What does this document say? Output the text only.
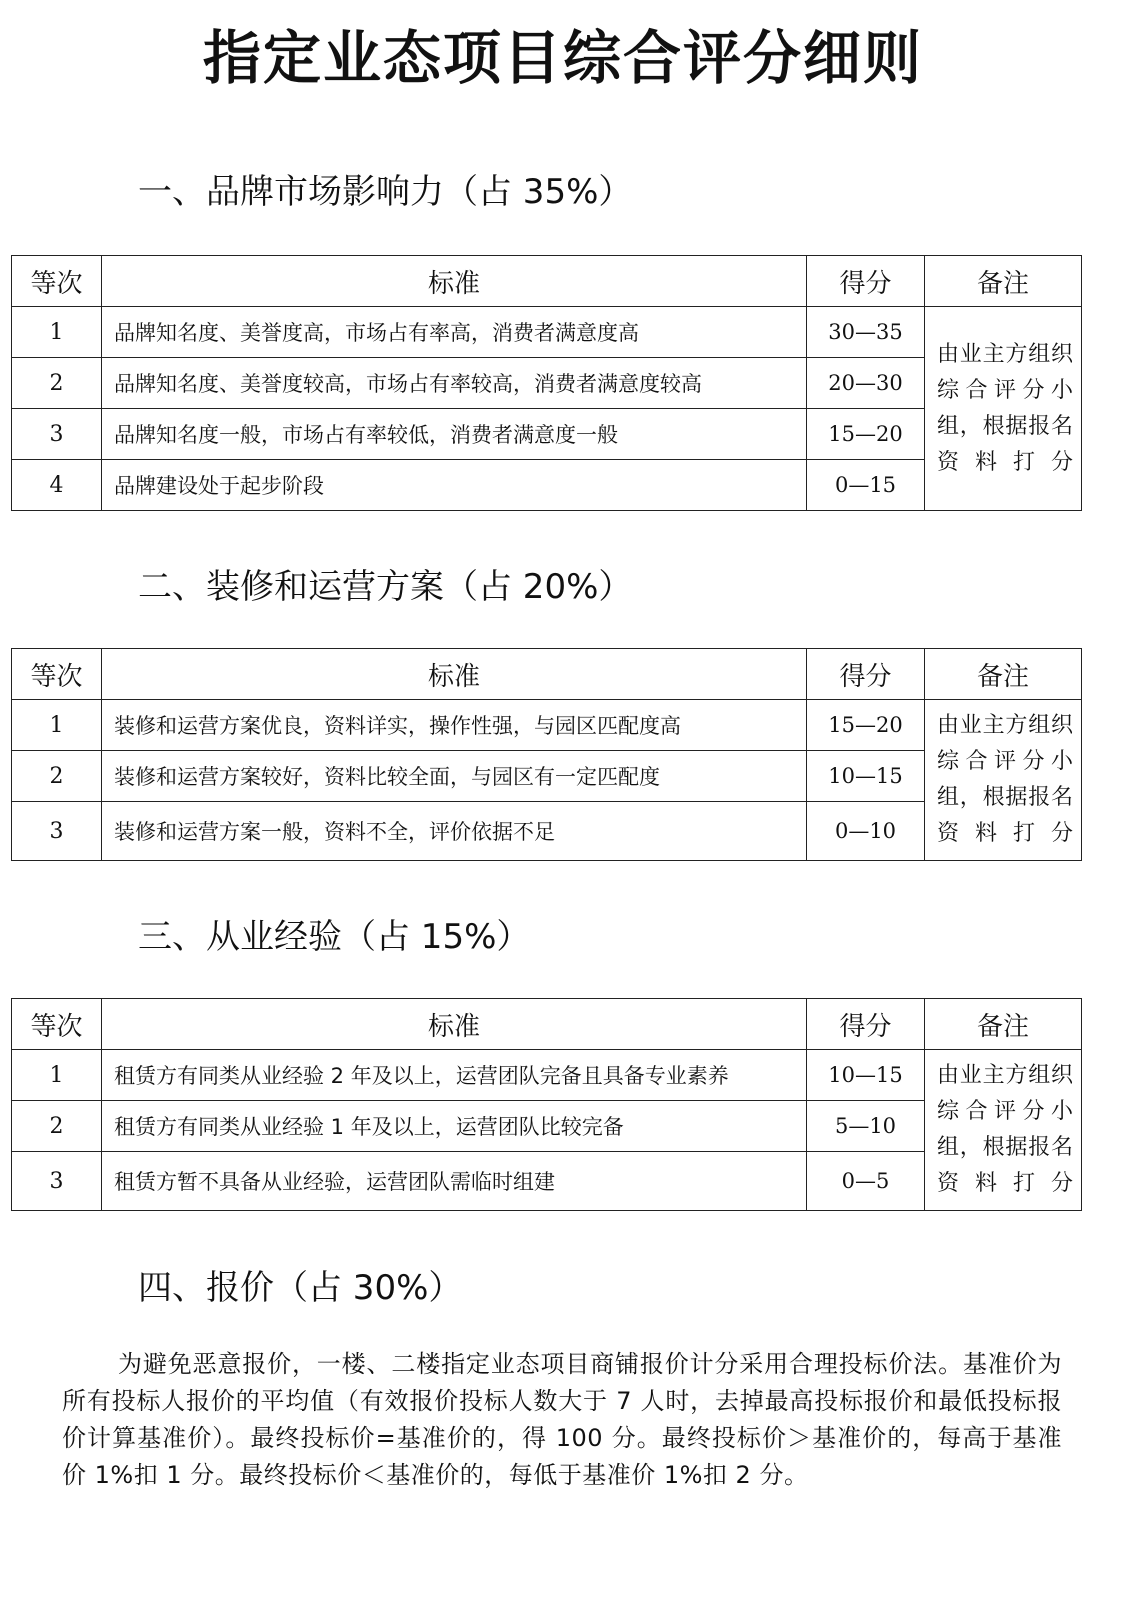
指定业态项目综合评分细则
一、品牌市场影响力（占 35%）
等次	标准	得分	备注
1	品牌知名度、美誉度高，市场占有率高，消费者满意度高	30—35	由业主方组织综合评分小组，根据报名资料打分
2	品牌知名度、美誉度较高，市场占有率较高，消费者满意度较高	20—30	
3	品牌知名度一般，市场占有率较低，消费者满意度一般	15—20	
4	品牌建设处于起步阶段	0—15	
二、装修和运营方案（占 20%）
等次	标准	得分	备注
1	装修和运营方案优良，资料详实，操作性强，与园区匹配度高	15—20	由业主方组织综合评分小组，根据报名资料打分
2	装修和运营方案较好，资料比较全面，与园区有一定匹配度	10—15	
3	装修和运营方案一般，资料不全，评价依据不足	0—10	
三、从业经验（占 15%）
等次	标准	得分	备注
1	租赁方有同类从业经验 2 年及以上，运营团队完备且具备专业素养	10—15	由业主方组织综合评分小组，根据报名资料打分
2	租赁方有同类从业经验 1 年及以上，运营团队比较完备	5—10	
3	租赁方暂不具备从业经验，运营团队需临时组建	0—5	
四、报价（占 30%）

为避免恶意报价，一楼、二楼指定业态项目商铺报价计分采用合理投标价法。基准价为所有投标人报价的平均值（有效报价投标人数大于 7 人时，去掉最高投标报价和最低投标报价计算基准价）。最终投标价=基准价的，得 100 分。最终投标价＞基准价的，每高于基准价 1%扣 1 分。最终投标价＜基准价的，每低于基准价 1%扣 2 分。
